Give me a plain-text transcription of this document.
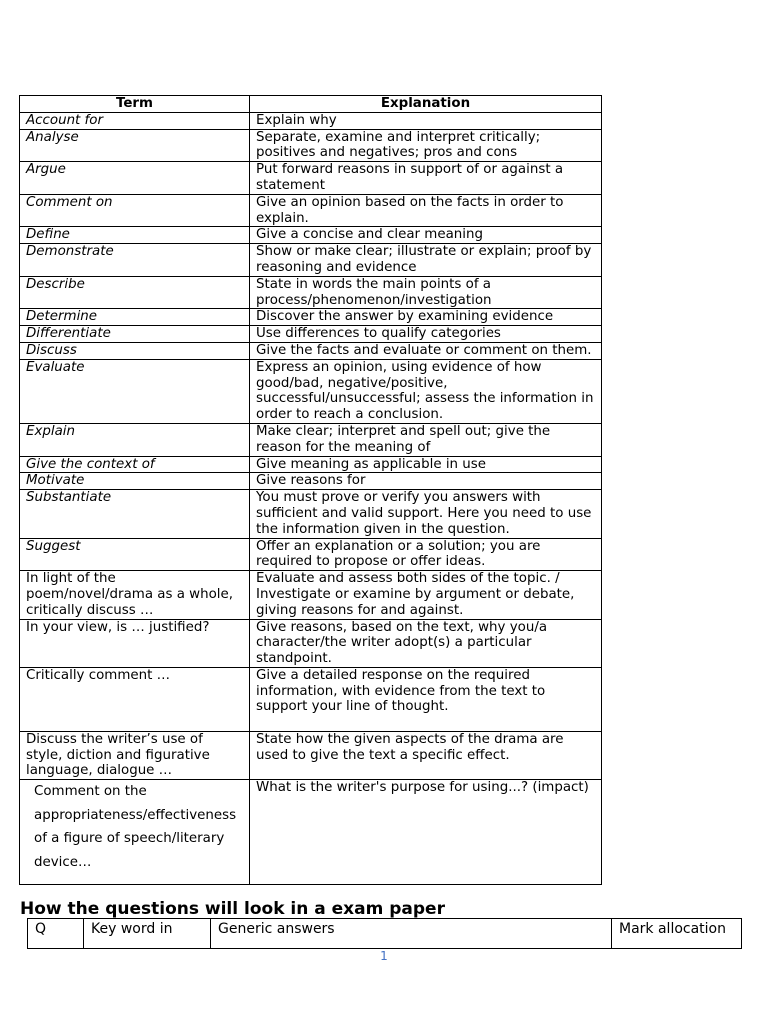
Term	Explanation
Account for	Explain why
Analyse	Separate, examine and interpret critically; positives and negatives; pros and cons
Argue	Put forward reasons in support of or against a statement
Comment on	Give an opinion based on the facts in order to explain.
Define	Give a concise and clear meaning
Demonstrate	Show or make clear; illustrate or explain; proof by reasoning and evidence
Describe	State in words the main points of a process/phenomenon/investigation
Determine	Discover the answer by examining evidence
Differentiate	Use differences to qualify categories
Discuss	Give the facts and evaluate or comment on them.
Evaluate	Express an opinion, using evidence of how good/bad, negative/positive, successful/unsuccessful; assess the information in order to reach a conclusion.
Explain	Make clear; interpret and spell out; give the reason for the meaning of
Give the context of	Give meaning as applicable in use
Motivate	Give reasons for
Substantiate	You must prove or verify you answers with sufficient and valid support. Here you need to use the information given in the question.
Suggest	Offer an explanation or a solution; you are required to propose or offer ideas.
In light of the poem/novel/drama as a whole, critically discuss …	Evaluate and assess both sides of the topic. / Investigate or examine by argument or debate, giving reasons for and against.
In your view, is … justified?	Give reasons, based on the text, why you/a character/the writer adopt(s) a particular standpoint.
Critically comment …	Give a detailed response on the required information, with evidence from the text to support your line of thought.
Discuss the writer’s use of style, diction and figurative language, dialogue …	State how the given aspects of the drama are used to give the text a specific effect.
Comment on the appropriateness/effectiveness of a figure of speech/literary device…	What is the writer's purpose for using...? (impact)
How the questions will look in a exam paper
Q	Key word in	Generic answers	Mark allocation
1
